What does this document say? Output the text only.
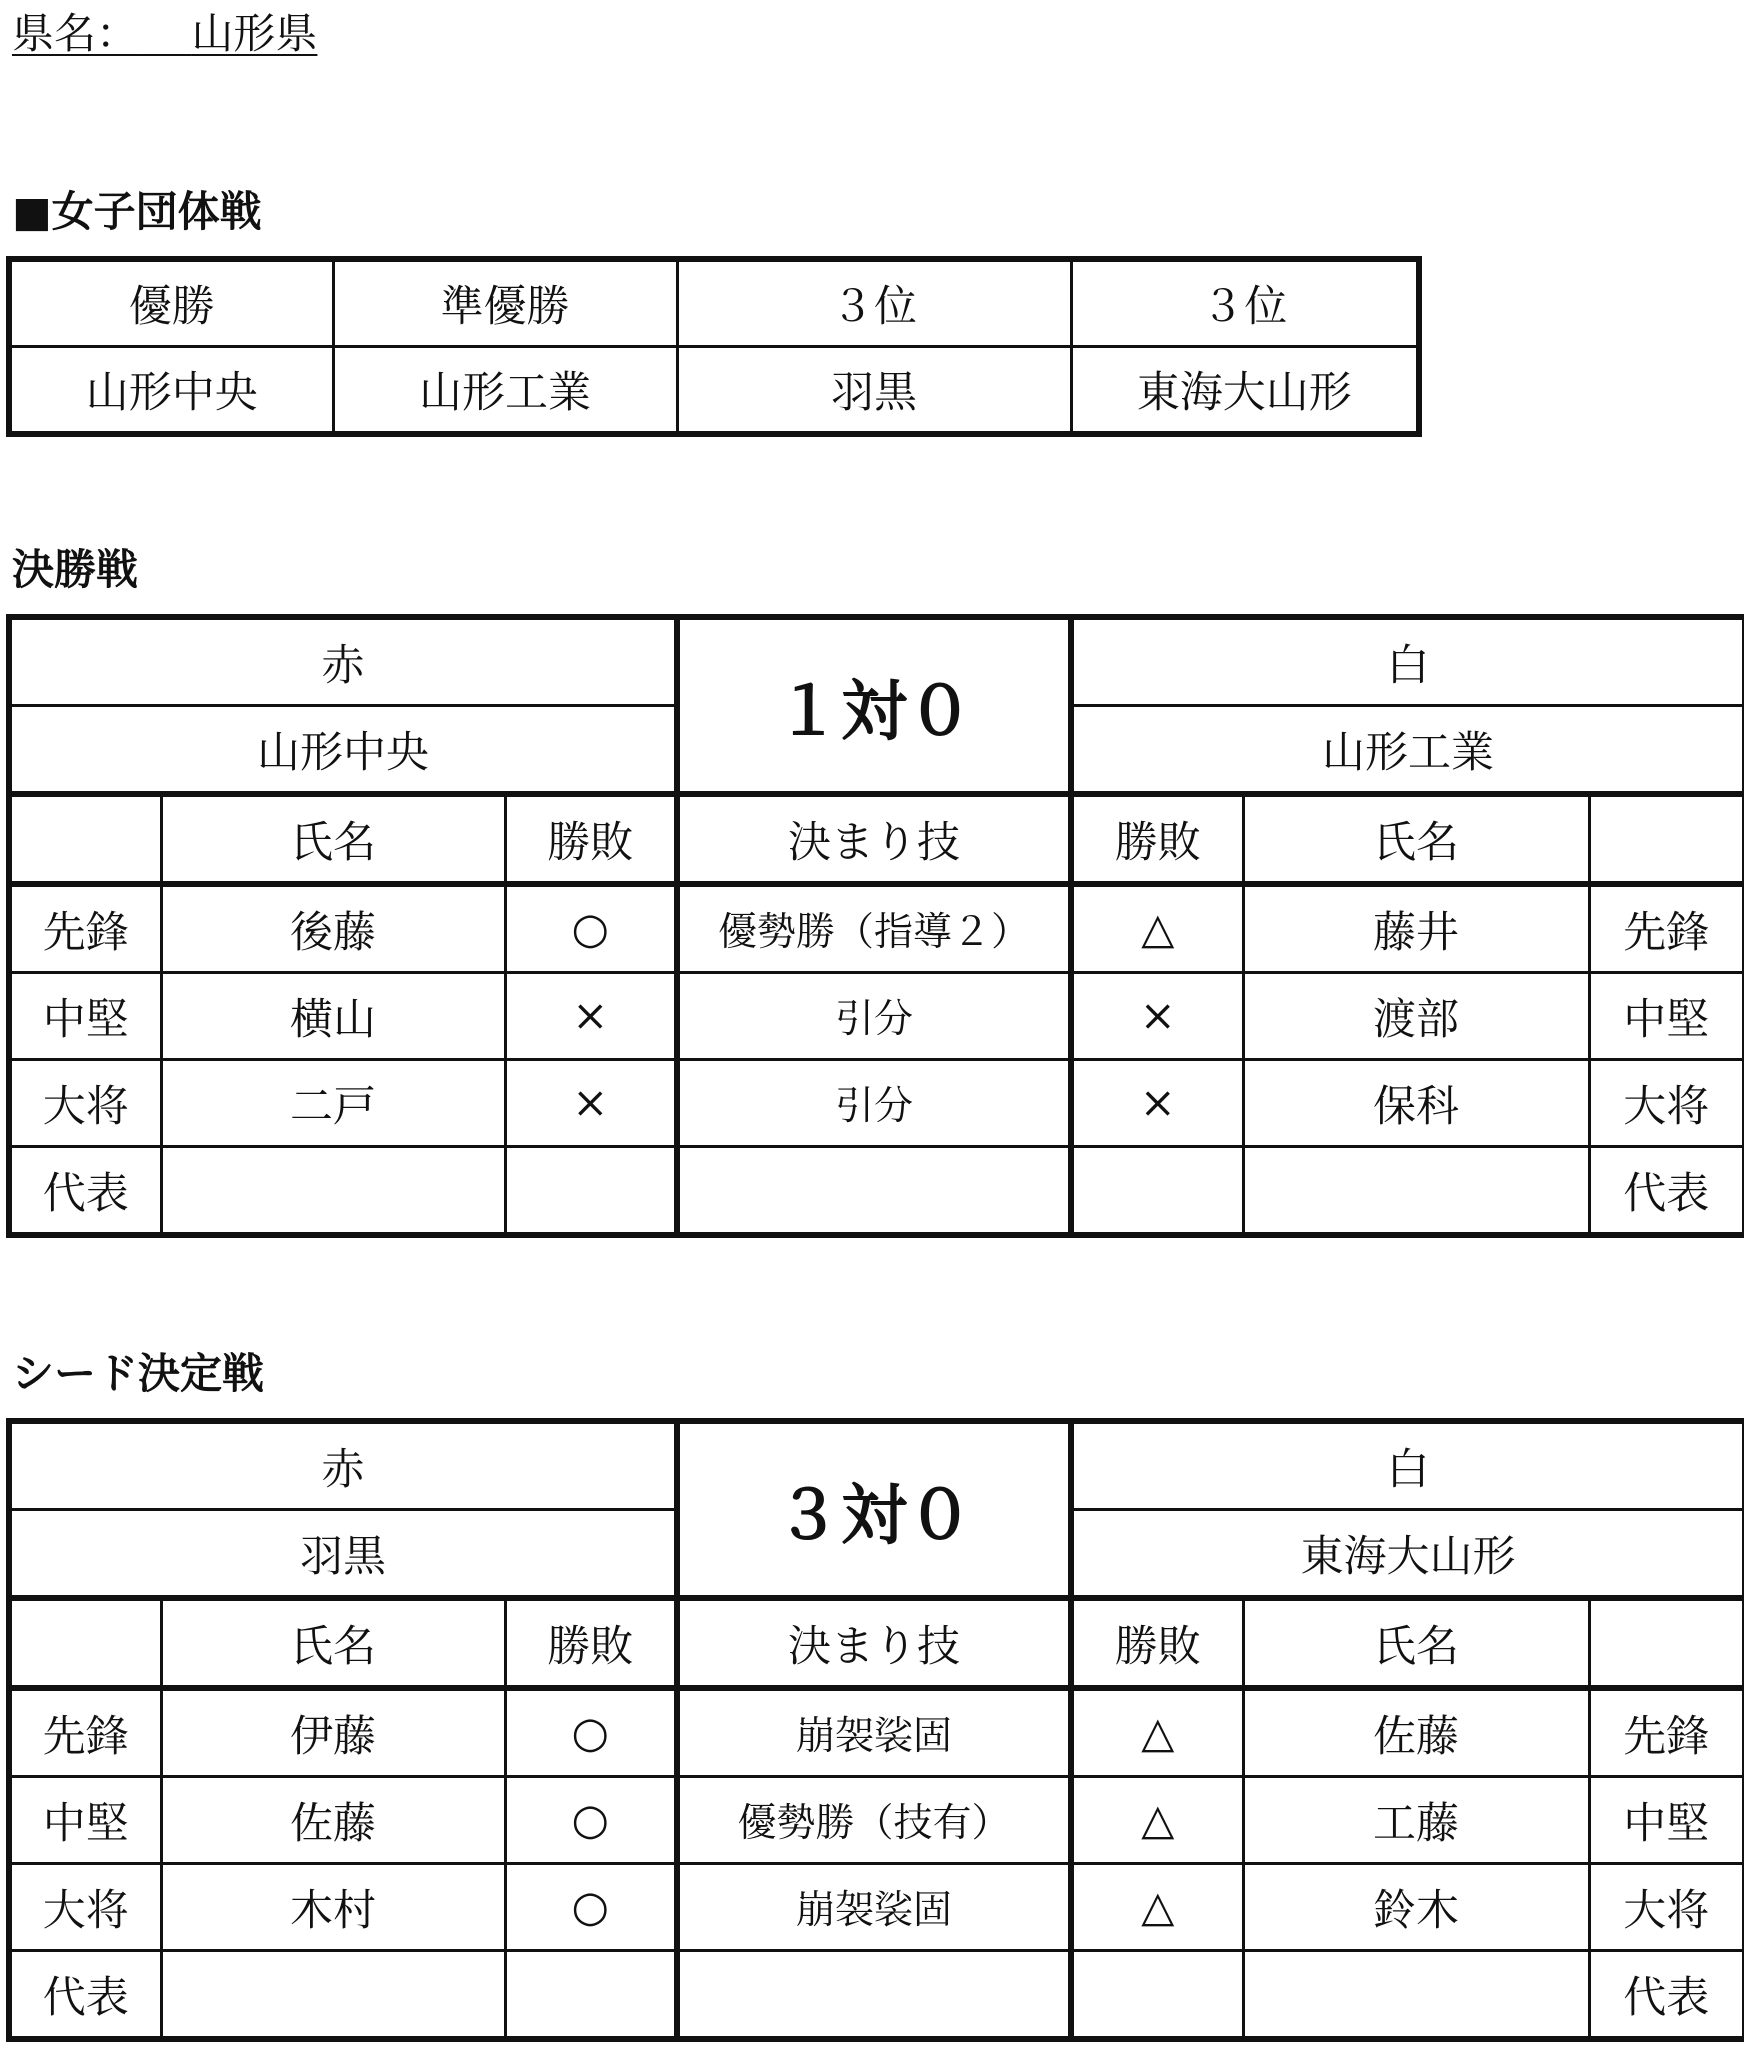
県名： 山形県
■女子団体戦
優勝	準優勝	３位	３位
山形中央	山形工業	羽黒	東海大山形
決勝戦
赤			１対０	白		
山形中央				山形工業		
	氏名	勝敗	決まり技	勝敗	氏名	
先鋒	後藤	○	優勢勝（指導２）	△	藤井	先鋒
中堅	横山	×	引分	×	渡部	中堅
大将	二戸	×	引分	×	保科	大将
代表						代表
シード決定戦
赤			３対０	白		
羽黒				東海大山形		
	氏名	勝敗	決まり技	勝敗	氏名	
先鋒	伊藤	○	崩袈裟固	△	佐藤	先鋒
中堅	佐藤	○	優勢勝（技有）	△	工藤	中堅
大将	木村	○	崩袈裟固	△	鈴木	大将
代表						代表
